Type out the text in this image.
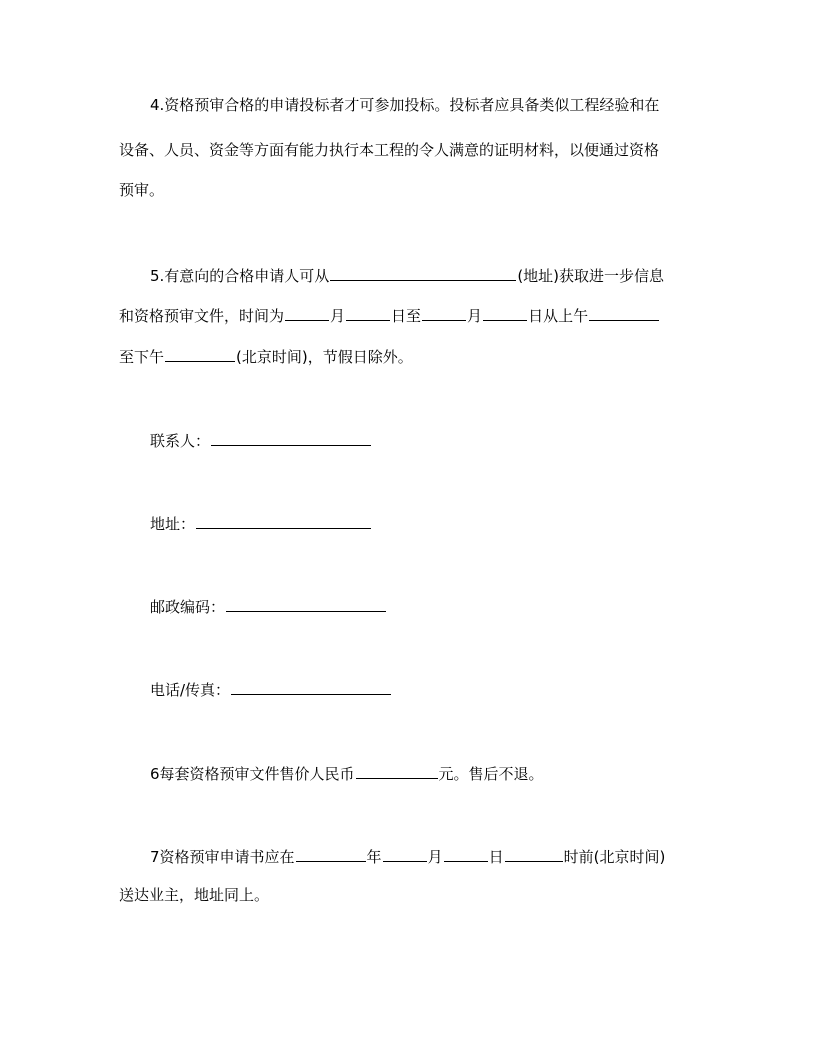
4.资格预审合格的申请投标者才可参加投标。投标者应具备类似工程经验和在
设备、人员、资金等方面有能力执行本工程的令人满意的证明材料，以便通过资格
预审。
5.有意向的合格申请人可从	(地址)获取进一步信息
和资格预审文件，时间为	月	日至	月	日从上午
至下午	(北京时间)，节假日除外。
联系人：
地址：
邮政编码：
电话/传真：
6每套资格预审文件售价人民币	元。售后不退。
7资格预审申请书应在	年	月	日	时前(北京时间)
送达业主，地址同上。
